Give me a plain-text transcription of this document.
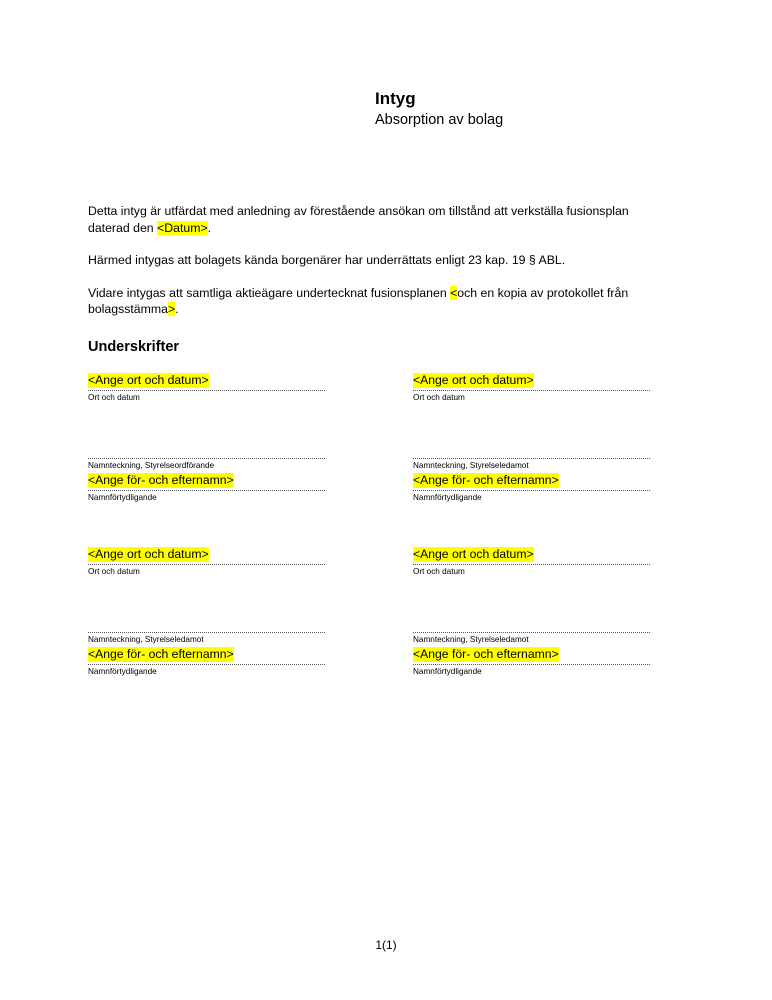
Intyg
Absorption av bolag

Detta intyg är utfärdat med anledning av förestående ansökan om tillstånd att verkställa fusionsplan daterad den <Datum>.

Härmed intygas att bolagets kända borgenärer har underrättats enligt 23 kap. 19 § ABL.

Vidare intygas att samtliga aktieägare undertecknat fusionsplanen <och en kopia av protokollet från bolagsstämma>.

Underskrifter
<Ange ort och datum>
Ort och datum
Namnteckning, Styrelseordförande
<Ange för- och efternamn>
Namnförtydligande
<Ange ort och datum>
Ort och datum
Namnteckning, Styrelseledamot
<Ange för- och efternamn>
Namnförtydligande
<Ange ort och datum>
Ort och datum
Namnteckning, Styrelseledamot
<Ange för- och efternamn>
Namnförtydligande
<Ange ort och datum>
Ort och datum
Namnteckning, Styrelseledamot
<Ange för- och efternamn>
Namnförtydligande
1(1)
